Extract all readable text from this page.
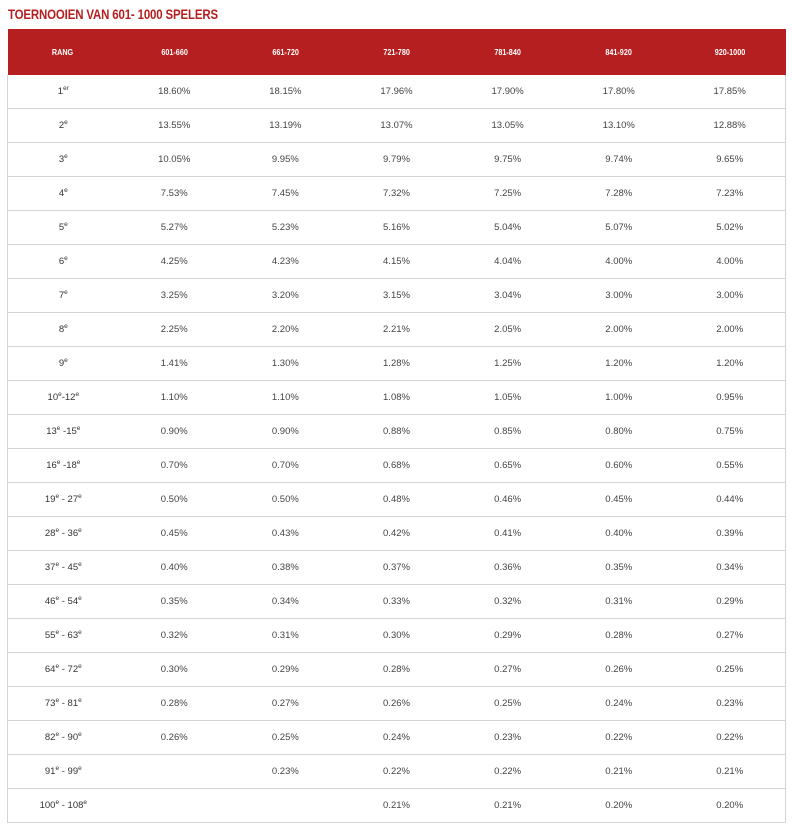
TOERNOOIEN VAN 601- 1000 SPELERS
RANG	601-660	661-720	721-780	781-840	841-920	920-1000
1er	18.60%	18.15%	17.96%	17.90%	17.80%	17.85%
2e	13.55%	13.19%	13.07%	13.05%	13.10%	12.88%
3e	10.05%	9.95%	9.79%	9.75%	9.74%	9.65%
4e	7.53%	7.45%	7.32%	7.25%	7.28%	7.23%
5e	5.27%	5.23%	5.16%	5.04%	5.07%	5.02%
6e	4.25%	4.23%	4.15%	4.04%	4.00%	4.00%
7e	3.25%	3.20%	3.15%	3.04%	3.00%	3.00%
8e	2.25%	2.20%	2.21%	2.05%	2.00%	2.00%
9e	1.41%	1.30%	1.28%	1.25%	1.20%	1.20%
10e-12e	1.10%	1.10%	1.08%	1.05%	1.00%	0.95%
13e -15e	0.90%	0.90%	0.88%	0.85%	0.80%	0.75%
16e -18e	0.70%	0.70%	0.68%	0.65%	0.60%	0.55%
19e - 27e	0.50%	0.50%	0.48%	0.46%	0.45%	0.44%
28e - 36e	0.45%	0.43%	0.42%	0.41%	0.40%	0.39%
37e - 45e	0.40%	0.38%	0.37%	0.36%	0.35%	0.34%
46e - 54e	0.35%	0.34%	0.33%	0.32%	0.31%	0.29%
55e - 63e	0.32%	0.31%	0.30%	0.29%	0.28%	0.27%
64e - 72e	0.30%	0.29%	0.28%	0.27%	0.26%	0.25%
73e - 81e	0.28%	0.27%	0.26%	0.25%	0.24%	0.23%
82e - 90e	0.26%	0.25%	0.24%	0.23%	0.22%	0.22%
91e - 99e		0.23%	0.22%	0.22%	0.21%	0.21%
100e - 108e			0.21%	0.21%	0.20%	0.20%
